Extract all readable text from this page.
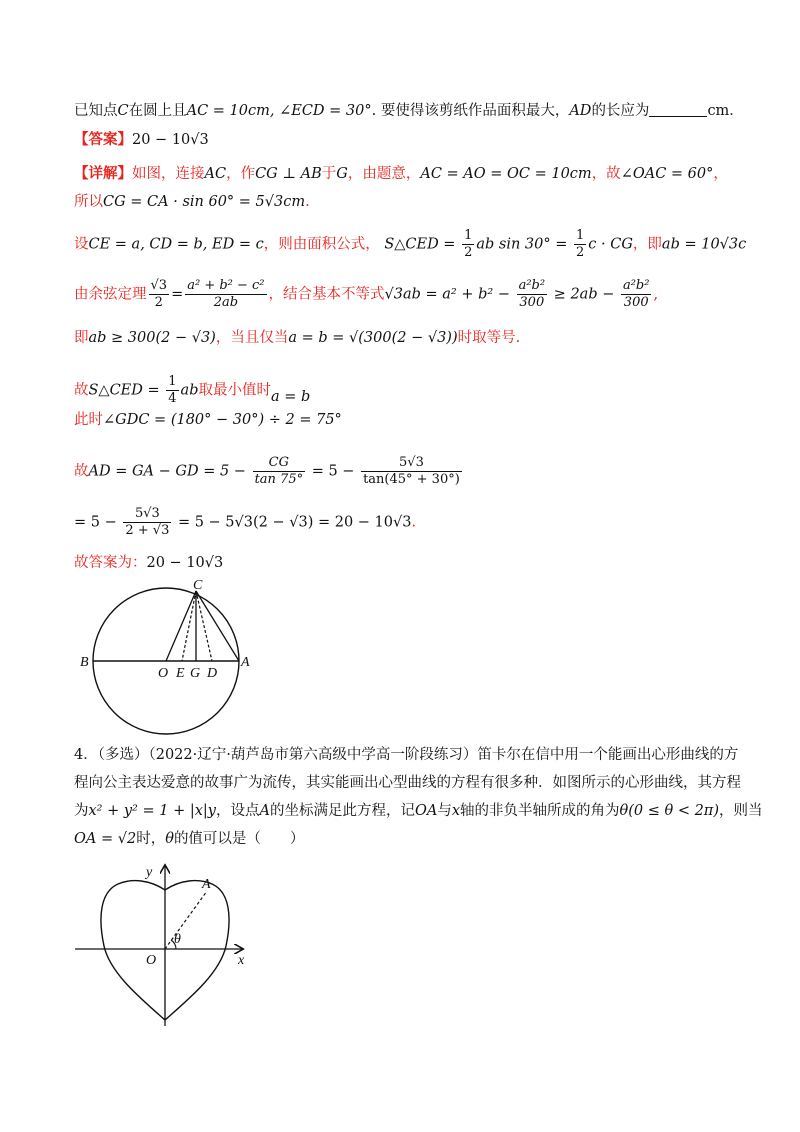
已知点C在圆上且AC = 10cm, ∠ECD = 30°. 要使得该剪纸作品面积最大，AD的长应为	cm．
【答案】20 − 10√3
【详解】如图，连接AC，作CG ⊥ AB于G，由题意，AC = AO = OC = 10cm，故∠OAC = 60°，
所以CG = CA · sin 60° = 5√3cm.
设CE = a, CD = b, ED = c，则由面积公式， S△CED = $\frac{1}{2}$ ab $\sin 30^\circ = \frac{1}{2}$ c · CG，即ab = 10√3c
由余弦定理 $\frac{√3}{2} = \frac{\text{a² + b² − c²}}{2ab}$ ，结合基本不等式$√3ab = a^2 + b^2 - \frac{\text{a²b²}}{300} \ge 2ab - \frac{\text{a²b²}}{300}$ ,
即ab ≥ 300(2 − √3)，当且仅当a = b = √(300(2 − √3))时取等号.
故S△CED = $\frac{1}{4}$ ab取最小值时a = b
此时∠GDC = (180° − 30°) ÷ 2 = 75°
故AD = GA − GD = $5 - \frac{CG}{\tan 75^\circ} = 5 - \frac{5√3}{\tan(45^\circ + 30^\circ)}$
= $5 - \frac{5√3}{2 + √3} = 5 - 5√3(2 - √3) = 20 - 10√3$.
故答案为：20 − 10√3
B
O E G D
A
C
4．（多选）（2022·辽宁·葫芦岛市第六高级中学高一阶段练习）笛卡尔在信中用一个能画出心形曲线的方
程向公主表达爱意的故事广为流传，其实能画出心型曲线的方程有很多种．如图所示的心形曲线，其方程
为x² + y² = 1 + |x|y，设点A的坐标满足此方程，记OA与x轴的非负半轴所成的角为θ(0 ≤ θ < 2π)，则当
OA = √2时，θ的值可以是（　　）
y
x
O
A
θ
